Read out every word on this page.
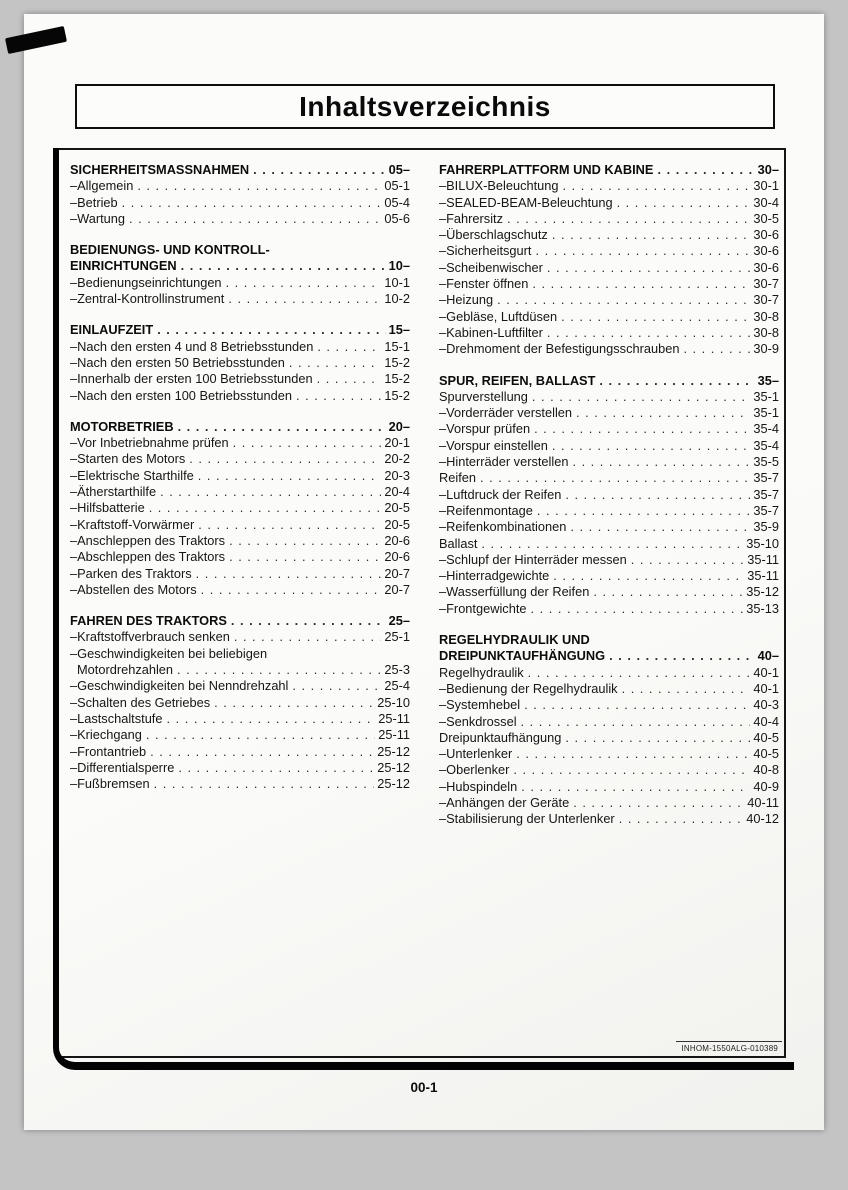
Inhaltsverzeichnis
SICHERHEITSMASSNAHMEN . . .	05–
–Allgemein . . .	05-1
–Betrieb . . .	05-4
–Wartung . . .	05-6
BEDIENUNGS- UND KONTROLL-
EINRICHTUNGEN . . .	10–
–Bedienungseinrichtungen . . .	10-1
–Zentral-Kontrollinstrument . . .	10-2
EINLAUFZEIT . . .	15–
–Nach den ersten 4 und 8 Betriebsstunden . . .	15-1
–Nach den ersten 50 Betriebsstunden . . .	15-2
–Innerhalb der ersten 100 Betriebsstunden . . .	15-2
–Nach den ersten 100 Betriebsstunden . . .	15-2
MOTORBETRIEB . . .	20–
–Vor Inbetriebnahme prüfen . . .	20-1
–Starten des Motors . . .	20-2
–Elektrische Starthilfe . . .	20-3
–Ätherstarthilfe . . .	20-4
–Hilfsbatterie . . .	20-5
–Kraftstoff-Vorwärmer . . .	20-5
–Anschleppen des Traktors . . .	20-6
–Abschleppen des Traktors . . .	20-6
–Parken des Traktors . . .	20-7
–Abstellen des Motors . . .	20-7
FAHREN DES TRAKTORS . . .	25–
–Kraftstoffverbrauch senken . . .	25-1
–Geschwindigkeiten bei beliebigen
Motordrehzahlen . . .	25-3
–Geschwindigkeiten bei Nenndrehzahl . . .	25-4
–Schalten des Getriebes . . .	25-10
–Lastschaltstufe . . .	25-11
–Kriechgang . . .	25-11
–Frontantrieb . . .	25-12
–Differentialsperre . . .	25-12
–Fußbremsen . . .	25-12
FAHRERPLATTFORM UND KABINE . . .	30–
–BILUX-Beleuchtung . . .	30-1
–SEALED-BEAM-Beleuchtung . . .	30-4
–Fahrersitz . . .	30-5
–Überschlagschutz . . .	30-6
–Sicherheitsgurt . . .	30-6
–Scheibenwischer . . .	30-6
–Fenster öffnen . . .	30-7
–Heizung . . .	30-7
–Gebläse, Luftdüsen . . .	30-8
–Kabinen-Luftfilter . . .	30-8
–Drehmoment der Befestigungsschrauben . . .	30-9
SPUR, REIFEN, BALLAST . . .	35–
Spurverstellung . . .	35-1
–Vorderräder verstellen . . .	35-1
–Vorspur prüfen . . .	35-4
–Vorspur einstellen . . .	35-4
–Hinterräder verstellen . . .	35-5
Reifen . . .	35-7
–Luftdruck der Reifen . . .	35-7
–Reifenmontage . . .	35-7
–Reifenkombinationen . . .	35-9
Ballast . . .	35-10
–Schlupf der Hinterräder messen . . .	35-11
–Hinterradgewichte . . .	35-11
–Wasserfüllung der Reifen . . .	35-12
–Frontgewichte . . .	35-13
REGELHYDRAULIK UND
DREIPUNKTAUFHÄNGUNG . . .	40–
Regelhydraulik . . .	40-1
–Bedienung der Regelhydraulik . . .	40-1
–Systemhebel . . .	40-3
–Senkdrossel . . .	40-4
Dreipunktaufhängung . . .	40-5
–Unterlenker . . .	40-5
–Oberlenker . . .	40-8
–Hubspindeln . . .	40-9
–Anhängen der Geräte . . .	40-11
–Stabilisierung der Unterlenker . . .	40-12
INHOM-1550ALG-010389
00-1
